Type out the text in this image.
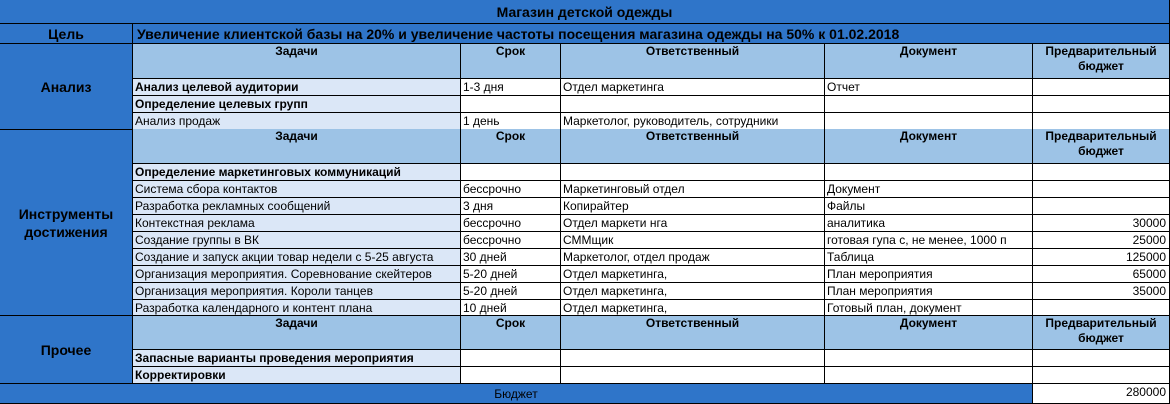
Магазин детской одежды
Цель	Увеличение клиентской базы на 20% и увеличение частоты посещения магазина одежды на 50% к 01.02.2018
Анализ
Задачи	Срок	Ответственный	Документ	Предварительный бюджет
Анализ целевой аудитории	1-3 дня	Отдел маркетинга	Отчет
Определение целевых групп
Анализ продаж	1 день	Маркетолог, руководитель, сотрудники
Инструменты достижения
Задачи	Срок	Ответственный	Документ	Предварительный бюджет
Определение маркетинговых коммуникаций
Система сбора контактов	бессрочно	Маркетинговый отдел	Документ
Разработка рекламных сообщений	3 дня	Копирайтер	Файлы
Контекстная реклама	бессрочно	Отдел маркети нга	аналитика	30000
Создание группы в ВК	бессрочно	СММщик	готовая гупа с, не менее, 1000 п	25000
Создание и запуск акции товар недели с 5-25 августа	30 дней	Маркетолог, отдел продаж	Таблица	125000
Организация мероприятия. Соревнование скейтеров	5-20 дней	Отдел маркетинга,	План мероприятия	65000
Организация мероприятия. Короли танцев	5-20 дней	Отдел маркетинга,	План мероприятия	35000
Разработка календарного и контент плана	10 дней	Отдел маркетинга,	Готовый план, документ
Прочее
Задачи	Срок	Ответственный	Документ	Предварительный бюджет
Запасные варианты проведения мероприятия
Корректировки
Бюджет	280000
